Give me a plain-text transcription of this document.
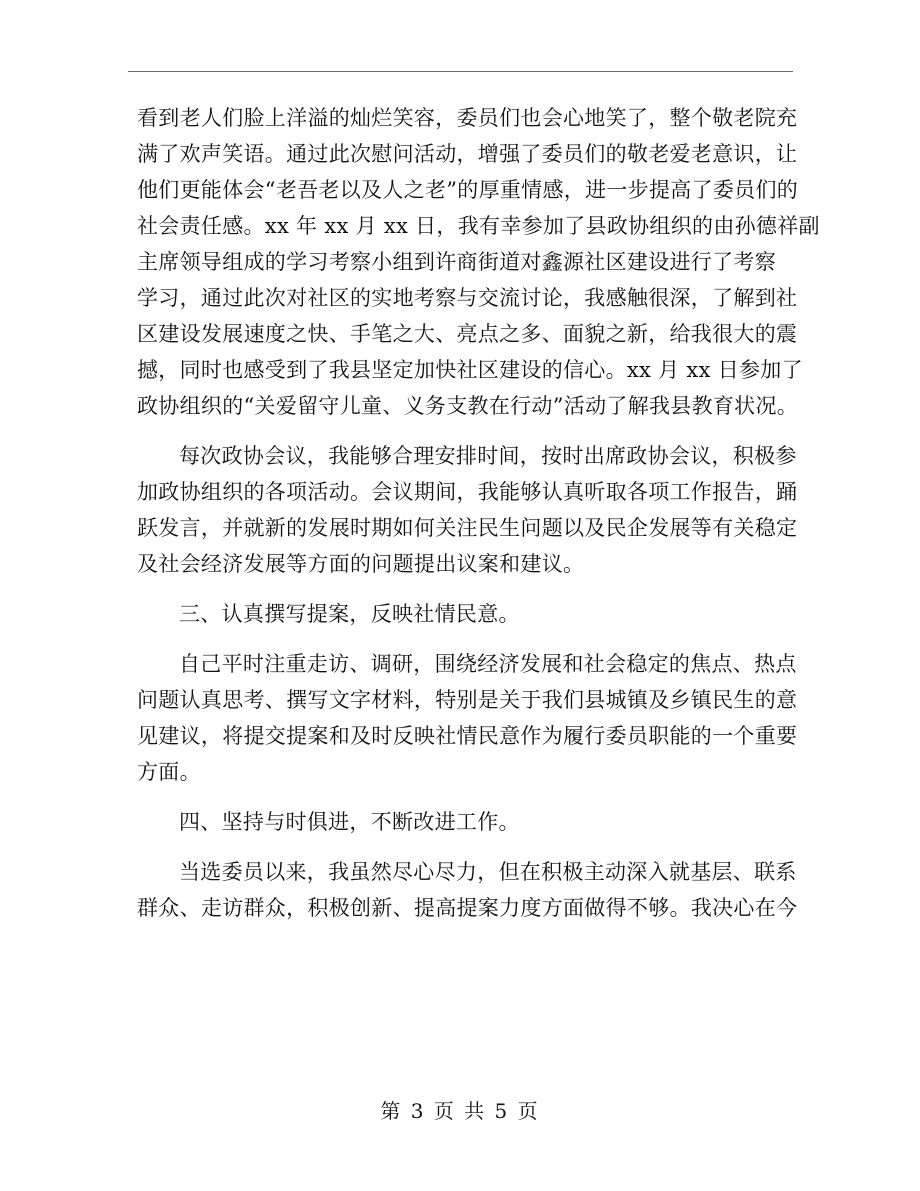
看到老人们脸上洋溢的灿烂笑容，委员们也会心地笑了，整个敬老院充
满了欢声笑语。通过此次慰问活动，增强了委员们的敬老爱老意识，让
他们更能体会“老吾老以及人之老”的厚重情感，进一步提高了委员们的
社会责任感。xx 年 xx 月 xx 日，我有幸参加了县政协组织的由孙德祥副
主席领导组成的学习考察小组到许商街道对鑫源社区建设进行了考察
学习，通过此次对社区的实地考察与交流讨论，我感触很深，了解到社
区建设发展速度之快、手笔之大、亮点之多、面貌之新，给我很大的震
撼，同时也感受到了我县坚定加快社区建设的信心。xx 月 xx 日参加了
政协组织的“关爱留守儿童、义务支教在行动”活动了解我县教育状况。
每次政协会议，我能够合理安排时间，按时出席政协会议，积极参
加政协组织的各项活动。会议期间，我能够认真听取各项工作报告，踊
跃发言，并就新的发展时期如何关注民生问题以及民企发展等有关稳定
及社会经济发展等方面的问题提出议案和建议。
三、认真撰写提案，反映社情民意。
自己平时注重走访、调研，围绕经济发展和社会稳定的焦点、热点
问题认真思考、撰写文字材料，特别是关于我们县城镇及乡镇民生的意
见建议，将提交提案和及时反映社情民意作为履行委员职能的一个重要
方面。
四、坚持与时俱进，不断改进工作。
当选委员以来，我虽然尽心尽力，但在积极主动深入就基层、联系
群众、走访群众，积极创新、提高提案力度方面做得不够。我决心在今
第 3 页 共 5 页
